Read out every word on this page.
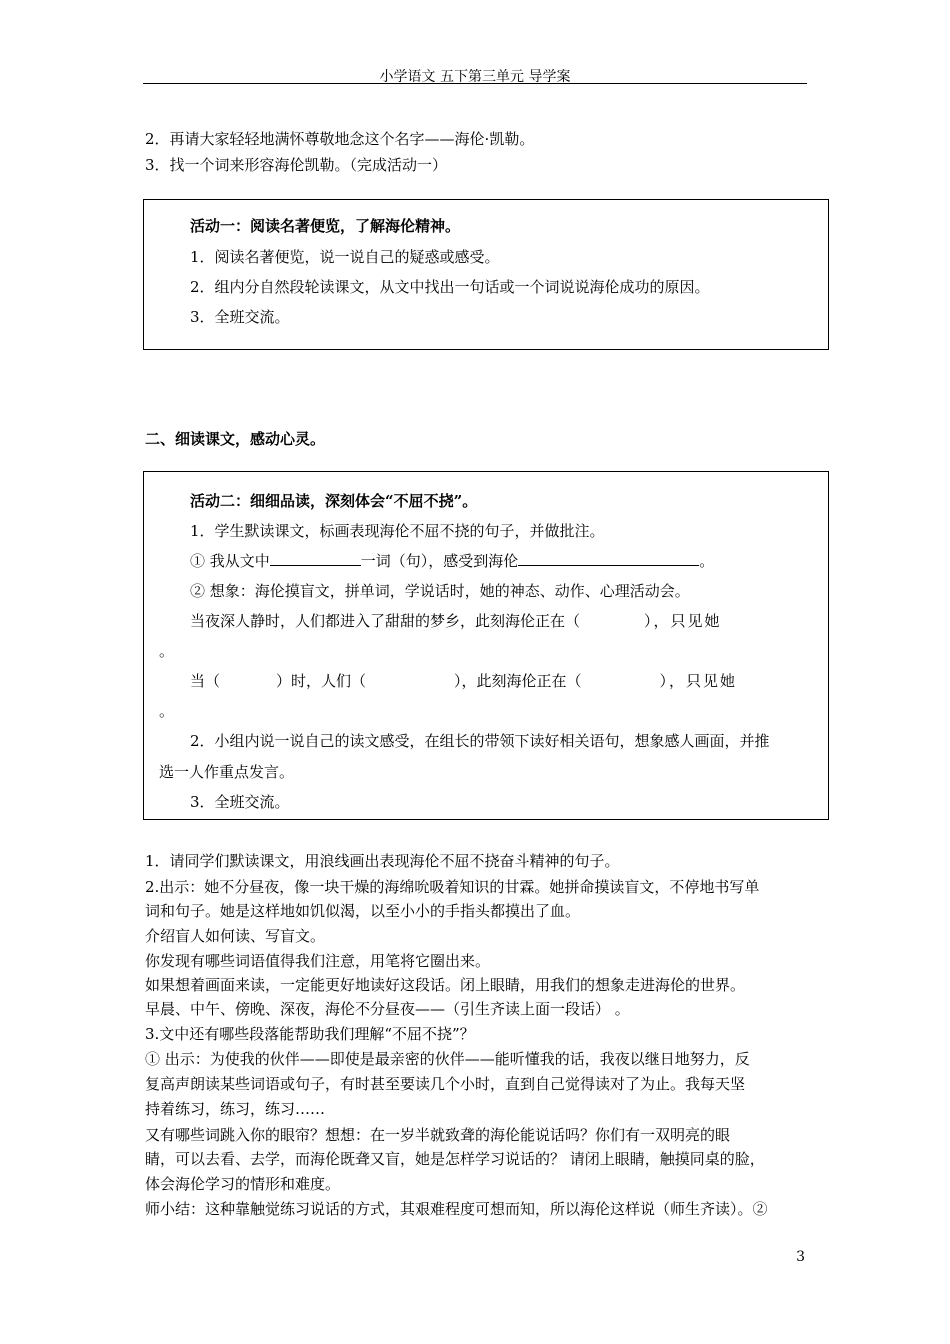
小学语文 五下第三单元 导学案
2．再请大家轻轻地满怀尊敬地念这个名字——海伦·凯勒。
3．找一个词来形容海伦凯勒。（完成活动一）
活动一：阅读名著便览，了解海伦精神。
1．阅读名著便览，说一说自己的疑惑或感受。
2．组内分自然段轮读课文，从文中找出一句话或一个词说说海伦成功的原因。
3．全班交流。
二、细读课文，感动心灵。
活动二：细细品读，深刻体会“不屈不挠”。
1．学生默读课文，标画表现海伦不屈不挠的句子，并做批注。
① 我从文中	一词（句），感受到海伦	。
② 想象：海伦摸盲文，拼单词，学说话时，她的神态、动作、心理活动会。
当夜深人静时，人们都进入了甜甜的梦乡，此刻海伦正在（	），只见她
。
当（	）时，人们（	），此刻海伦正在（	），只见她
。
2．小组内说一说自己的读文感受，在组长的带领下读好相关语句，想象感人画面，并推
选一人作重点发言。
3．全班交流。
1．请同学们默读课文，用浪线画出表现海伦不屈不挠奋斗精神的句子。
2.出示：她不分昼夜，像一块干燥的海绵吮吸着知识的甘霖。她拼命摸读盲文，不停地书写单
词和句子。她是这样地如饥似渴，以至小小的手指头都摸出了血。
介绍盲人如何读、写盲文。
你发现有哪些词语值得我们注意，用笔将它圈出来。
如果想着画面来读，一定能更好地读好这段话。闭上眼睛，用我们的想象走进海伦的世界。
早晨、中午、傍晚、深夜，海伦不分昼夜——（引生齐读上面一段话） 。
3.文中还有哪些段落能帮助我们理解“不屈不挠”？
① 出示：为使我的伙伴——即使是最亲密的伙伴——能听懂我的话，我夜以继日地努力，反
复高声朗读某些词语或句子，有时甚至要读几个小时，直到自己觉得读对了为止。我每天坚
持着练习，练习，练习……
又有哪些词跳入你的眼帘？想想：在一岁半就致聋的海伦能说话吗？你们有一双明亮的眼
睛，可以去看、去学，而海伦既聋又盲，她是怎样学习说话的？ 请闭上眼睛，触摸同桌的脸，
体会海伦学习的情形和难度。
师小结：这种靠触觉练习说话的方式，其艰难程度可想而知，所以海伦这样说（师生齐读）。②
3
